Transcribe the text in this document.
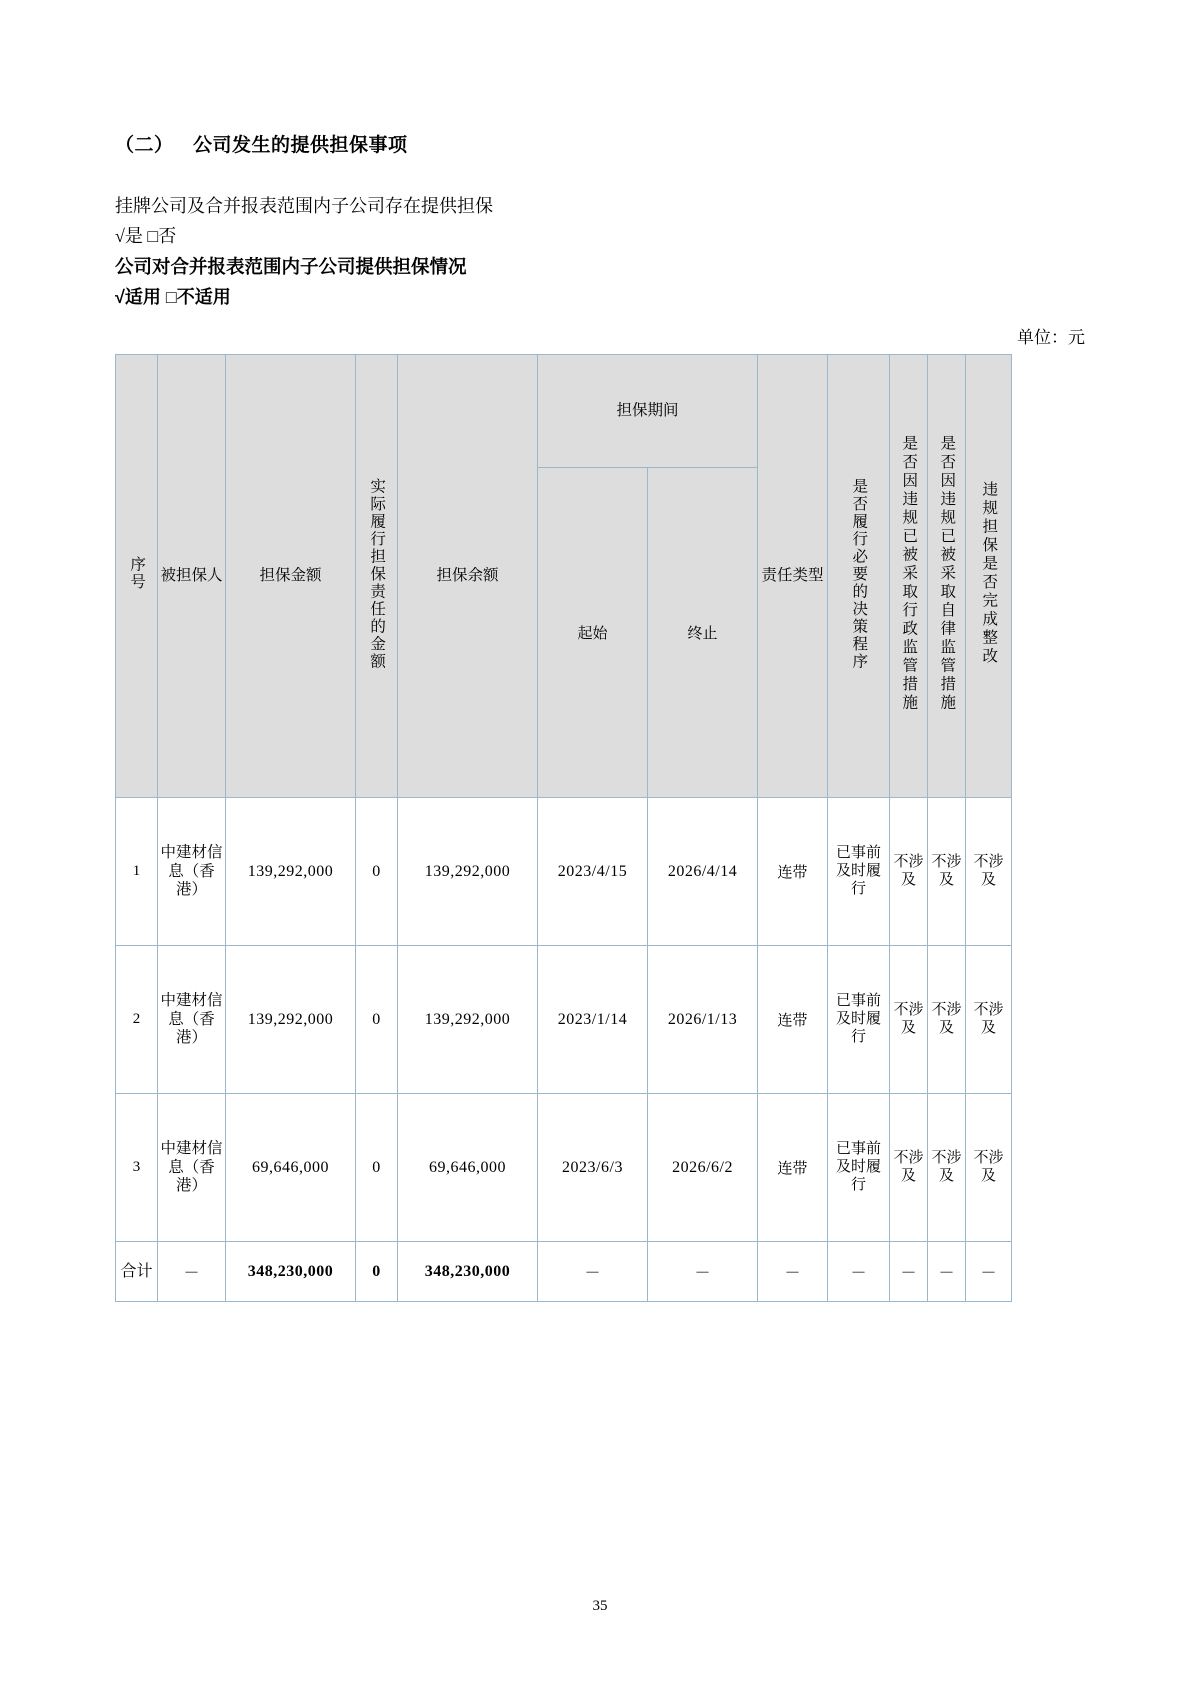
（二） 公司发生的提供担保事项

挂牌公司及合并报表范围内子公司存在提供担保

√是 □否

公司对合并报表范围内子公司提供担保情况

√适用 □不适用

单位：元
序号	被担保人	担保金额	实际履行担保责任的金额	担保余额	担保期间		责任类型	是否履行必要的决策程序	是否因违规已被采取行政监管措施	是否因违规已被采取自律监管措施	违规担保是否完成整改
					起始	终止					
1	中建材信息（香港）	139,292,000	0	139,292,000	2023/4/15	2026/4/14	连带	已事前及时履行	不涉及	不涉及	不涉及
2	中建材信息（香港）	139,292,000	0	139,292,000	2023/1/14	2026/1/13	连带	已事前及时履行	不涉及	不涉及	不涉及
3	中建材信息（香港）	69,646,000	0	69,646,000	2023/6/3	2026/6/2	连带	已事前及时履行	不涉及	不涉及	不涉及
合计	－	348,230,000	0	348,230,000	－	－	－	－	－	－	－
35
